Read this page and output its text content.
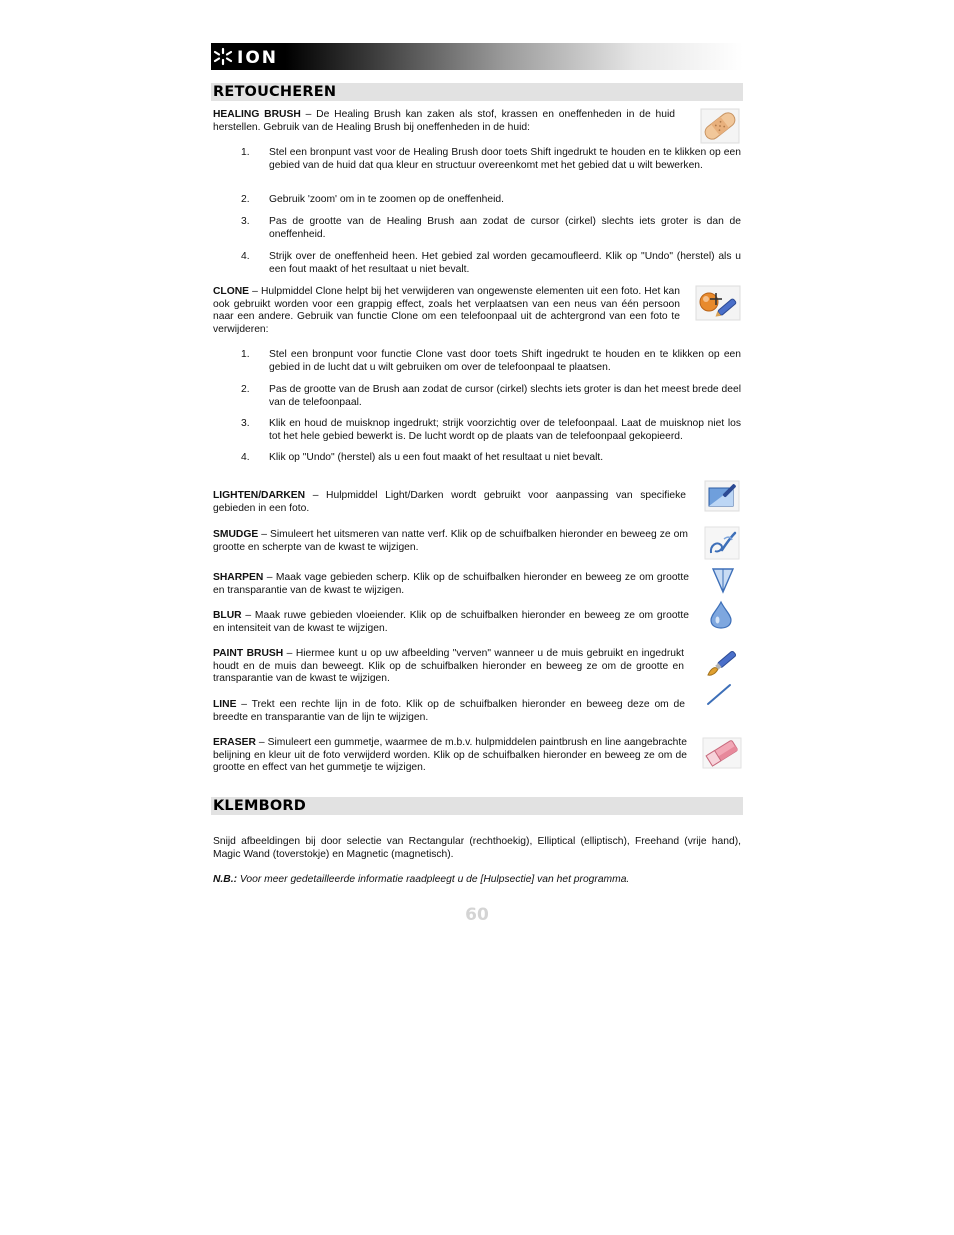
ION
RETOUCHEREN

HEALING BRUSH – De Healing Brush kan zaken als stof, krassen en oneffenheden in de huid herstellen. Gebruik van de Healing Brush bij oneffenheden in de huid:

1. Stel een bronpunt vast voor de Healing Brush door toets Shift ingedrukt te houden en te klikken op een gebied van de huid dat qua kleur en structuur overeenkomt met het gebied dat u wilt bewerken.
2. Gebruik 'zoom' om in te zoomen op de oneffenheid.
3. Pas de grootte van de Healing Brush aan zodat de cursor (cirkel) slechts iets groter is dan de oneffenheid.
4. Strijk over de oneffenheid heen. Het gebied zal worden gecamoufleerd. Klik op "Undo" (herstel) als u een fout maakt of het resultaat u niet bevalt.

CLONE – Hulpmiddel Clone helpt bij het verwijderen van ongewenste elementen uit een foto. Het kan ook gebruikt worden voor een grappig effect, zoals het verplaatsen van een neus van één persoon naar een andere. Gebruik van functie Clone om een telefoonpaal uit de achtergrond van een foto te verwijderen:

1. Stel een bronpunt voor functie Clone vast door toets Shift ingedrukt te houden en te klikken op een gebied in de lucht dat u wilt gebruiken om over de telefoonpaal te plaatsen.
2. Pas de grootte van de Brush aan zodat de cursor (cirkel) slechts iets groter is dan het meest brede deel van de telefoonpaal.
3. Klik en houd de muisknop ingedrukt; strijk voorzichtig over de telefoonpaal. Laat de muisknop niet los tot het hele gebied bewerkt is. De lucht wordt op de plaats van de telefoonpaal gekopieerd.
4. Klik op "Undo" (herstel) als u een fout maakt of het resultaat u niet bevalt.

LIGHTEN/DARKEN – Hulpmiddel Light/Darken wordt gebruikt voor aanpassing van specifieke gebieden in een foto.

SMUDGE – Simuleert het uitsmeren van natte verf. Klik op de schuifbalken hieronder en beweeg ze om grootte en scherpte van de kwast te wijzigen.

SHARPEN – Maak vage gebieden scherp. Klik op de schuifbalken hieronder en beweeg ze om grootte en transparantie van de kwast te wijzigen.

BLUR – Maak ruwe gebieden vloeiender. Klik op de schuifbalken hieronder en beweeg ze om grootte en intensiteit van de kwast te wijzigen.

PAINT BRUSH – Hiermee kunt u op uw afbeelding "verven" wanneer u de muis gebruikt en ingedrukt houdt en de muis dan beweegt. Klik op de schuifbalken hieronder en beweeg ze om de grootte en transparantie van de kwast te wijzigen.

LINE – Trekt een rechte lijn in de foto. Klik op de schuifbalken hieronder en beweeg deze om de breedte en transparantie van de lijn te wijzigen.

ERASER – Simuleert een gummetje, waarmee de m.b.v. hulpmiddelen paintbrush en line aangebrachte belijning en kleur uit de foto verwijderd worden. Klik op de schuifbalken hieronder en beweeg ze om de grootte en effect van het gummetje te wijzigen.

KLEMBORD

Snijd afbeeldingen bij door selectie van Rectangular (rechthoekig), Elliptical (elliptisch), Freehand (vrije hand), Magic Wand (toverstokje) en Magnetic (magnetisch).

N.B.: Voor meer gedetailleerde informatie raadpleegt u de [Hulpsectie] van het programma.

60
